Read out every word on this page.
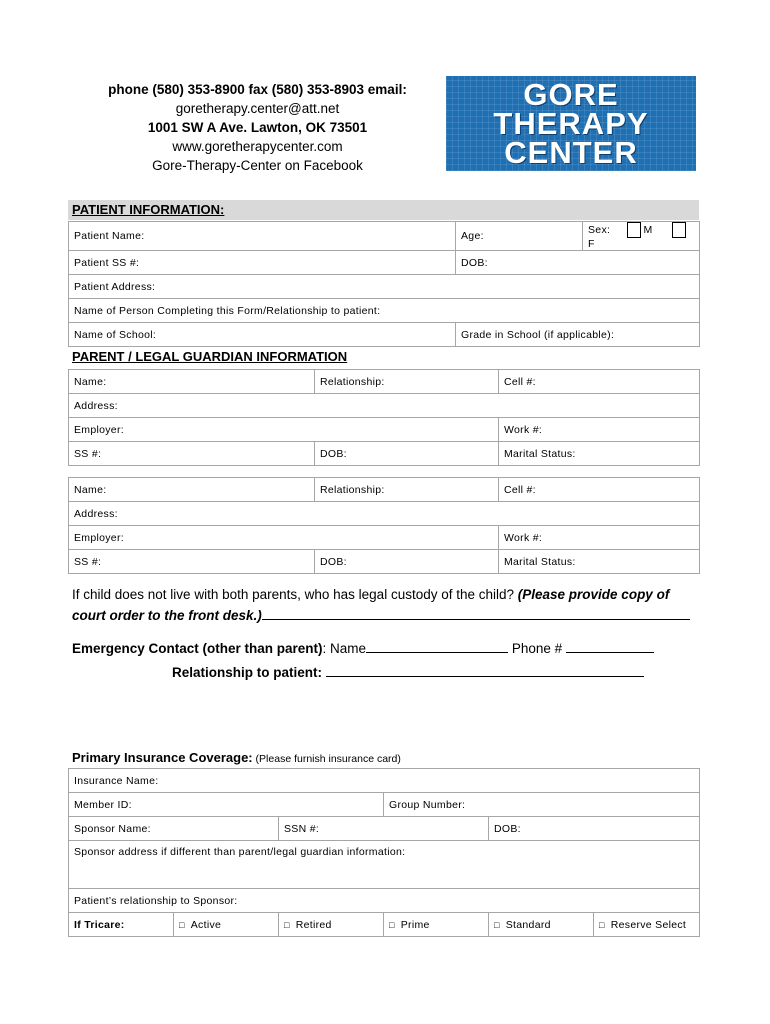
phone (580) 353-8900 fax (580) 353-8903 email:
goretherapy.center@att.net
1001 SW A Ave. Lawton, OK 73501
www.goretherapycenter.com
Gore-Therapy-Center on Facebook
GORE
THERAPY
CENTER
PATIENT INFORMATION:
Patient Name:	Age:	Sex: M F
Patient SS #:	DOB:	
Patient Address:		
Name of Person Completing this Form/Relationship to patient:		
Name of School:	Grade in School (if applicable):	
PARENT / LEGAL GUARDIAN INFORMATION
Name:	Relationship:	Cell #:
Address:		
Employer:		Work #:
SS #:	DOB:	Marital Status:
Name:	Relationship:	Cell #:
Address:		
Employer:		Work #:
SS #:	DOB:	Marital Status:
If child does not live with both parents, who has legal custody of the child? (Please provide copy of court order to the front desk.)
Emergency Contact (other than parent): Name	Phone #
Relationship to patient:
Primary Insurance Coverage: (Please furnish insurance card)
Insurance Name:					
Member ID:			Group Number:		
Sponsor Name:		SSN #:		DOB:	
Sponsor address if different than parent/legal guardian information:					
Patient’s relationship to Sponsor:					
If Tricare:	□ Active	□ Retired	□ Prime	□ Standard	□ Reserve Select
